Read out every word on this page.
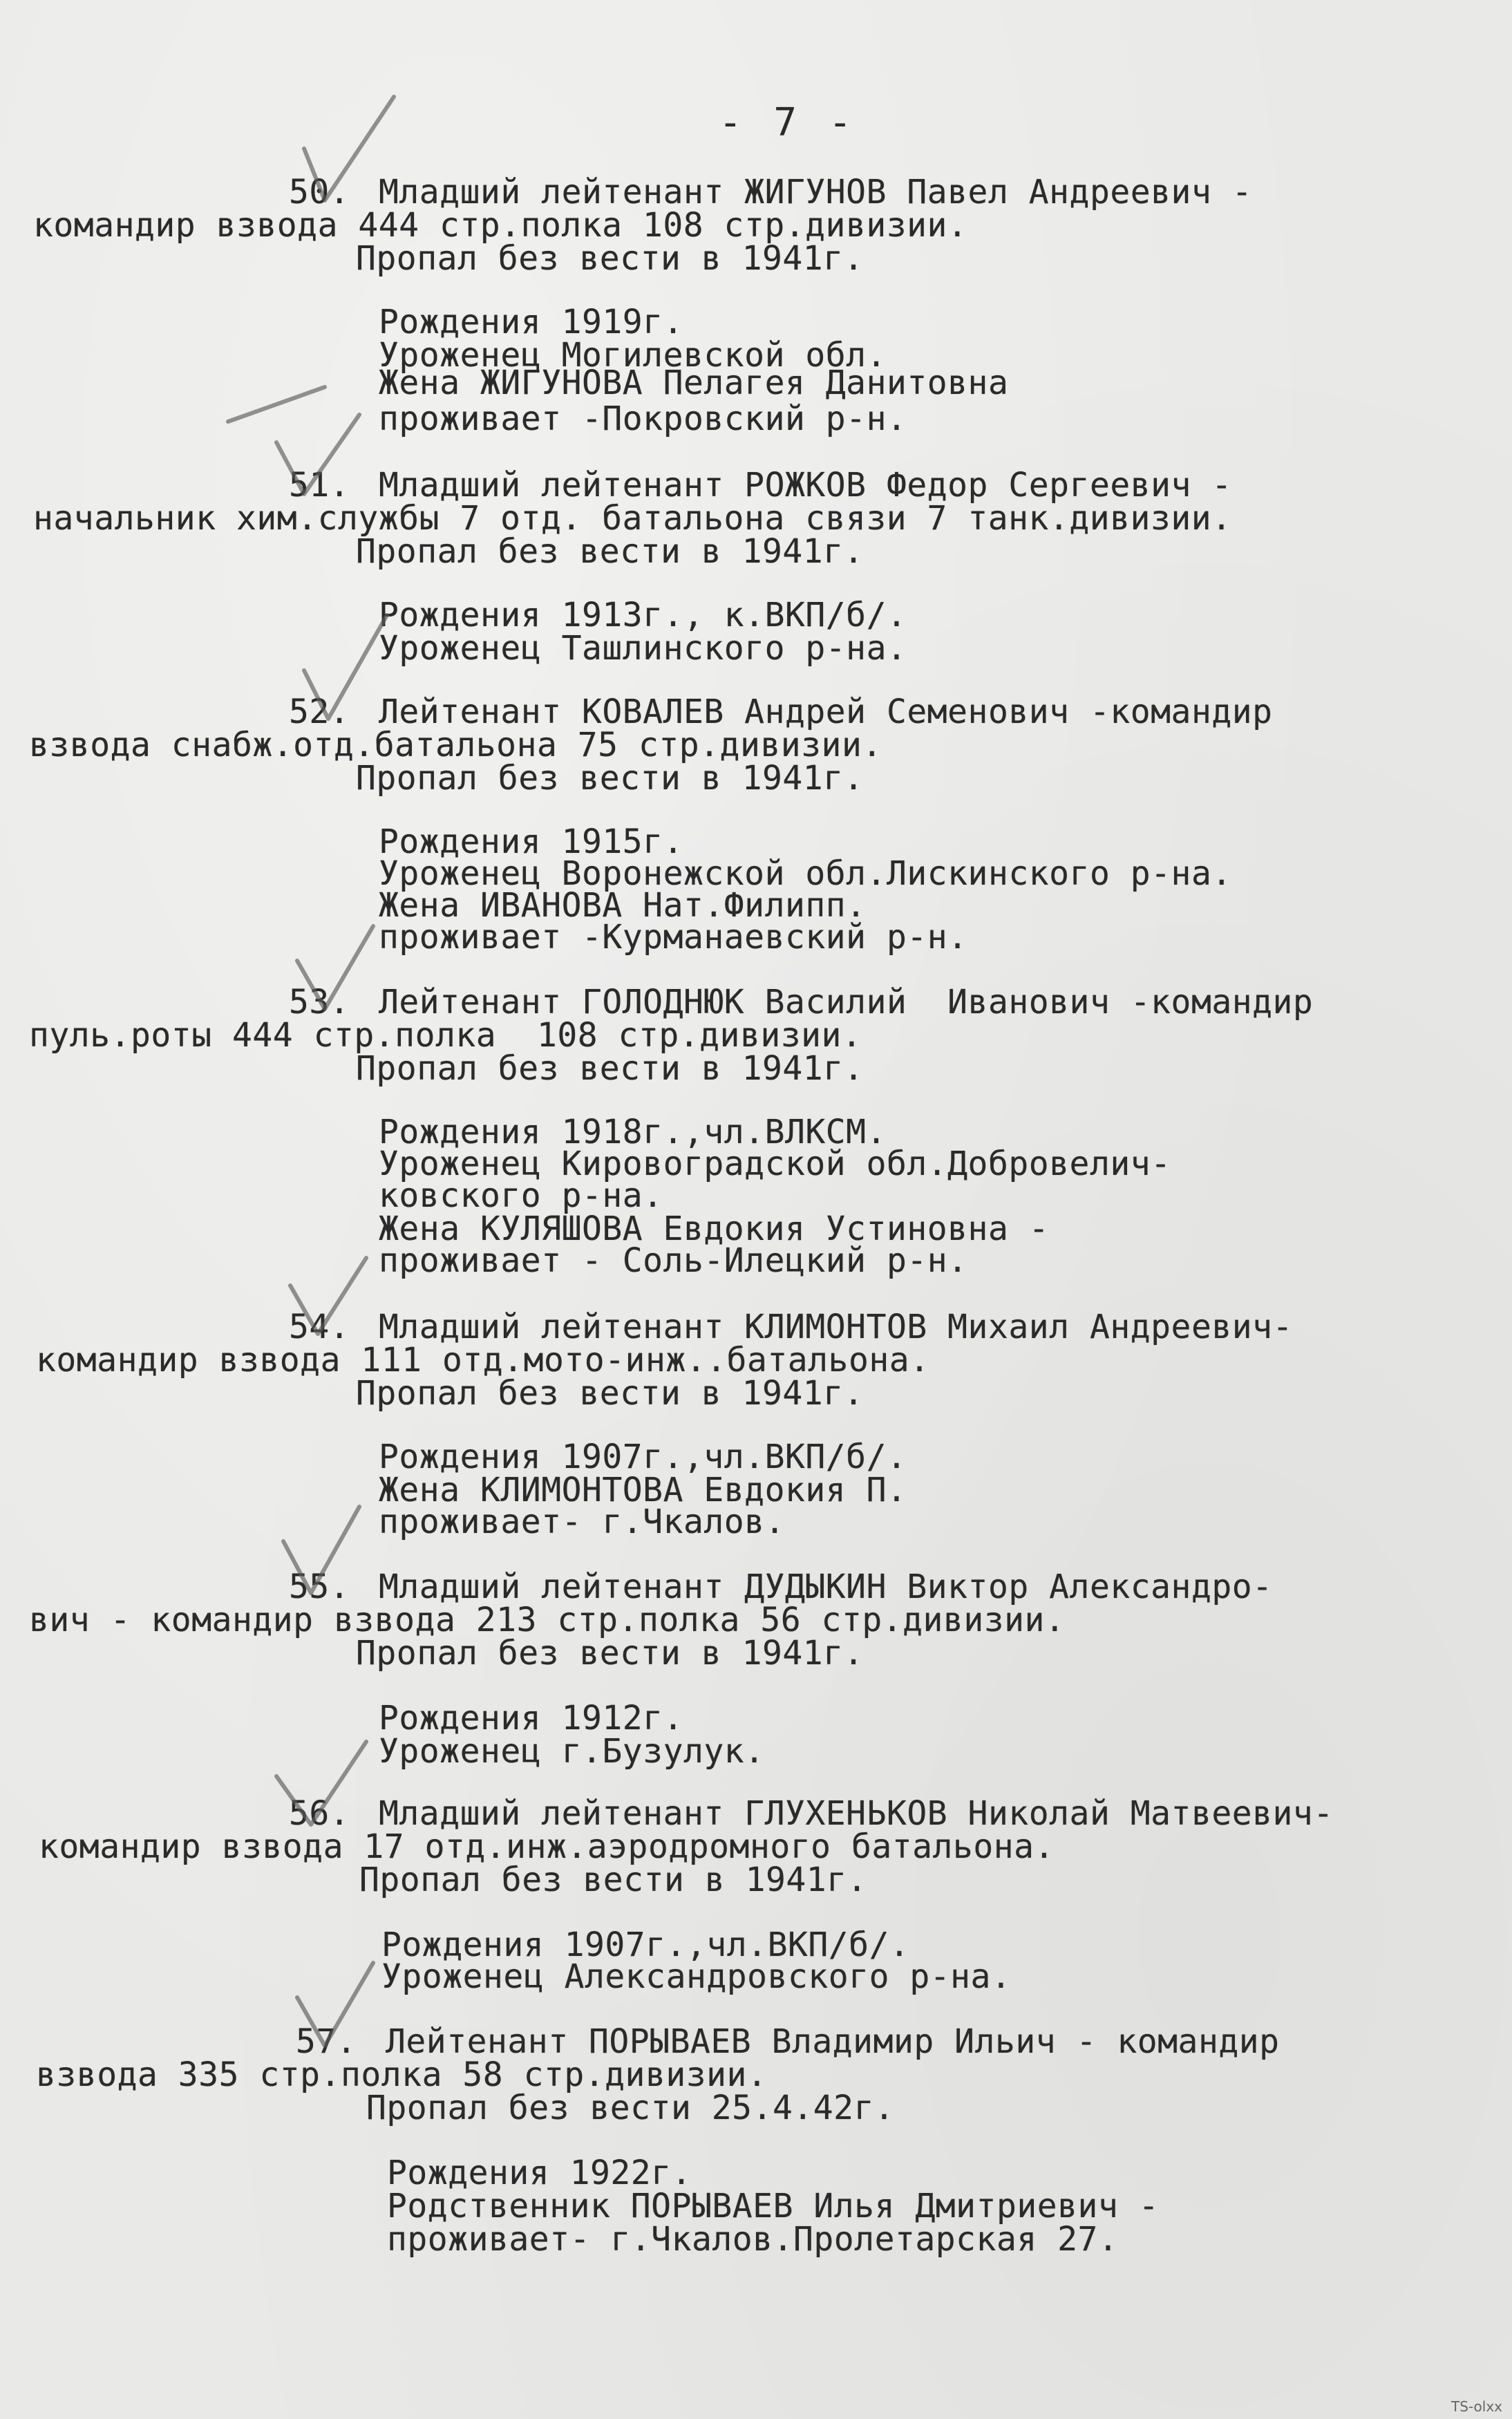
- 7 -
50. Младший лейтенант ЖИГУНОВ Павел Андреевич -
командир взвода 444 стр.полка 108 стр.дивизии.
Пропал без вести в 1941г.
Рождения 1919г.
Уроженец Могилевской обл.
Жена ЖИГУНОВА Пелагея Данитовна
проживает -Покровский р-н.
51. Младший лейтенант РОЖКОВ Федор Сергеевич -
начальник хим.службы 7 отд. батальона связи 7 танк.дивизии.
Пропал без вести в 1941г.
Рождения 1913г., к.ВКП/б/.
Уроженец Ташлинского р-на.
52. Лейтенант КОВАЛЕВ Андрей Семенович -командир
взвода снабж.отд.батальона 75 стр.дивизии.
Пропал без вести в 1941г.
Рождения 1915г.
Уроженец Воронежской обл.Лискинского р-на.
Жена ИВАНОВА Нат.Филипп.
проживает -Курманаевский р-н.
53. Лейтенант ГОЛОДНЮК Василий  Иванович -командир
пуль.роты 444 стр.полка  108 стр.дивизии.
Пропал без вести в 1941г.
Рождения 1918г.,чл.ВЛКСМ.
Уроженец Кировоградской обл.Добровелич-
ковского р-на.
Жена КУЛЯШОВА Евдокия Устиновна -
проживает - Соль-Илецкий р-н.
54. Младший лейтенант КЛИМОНТОВ Михаил Андреевич-
командир взвода 111 отд.мото-инж..батальона.
Пропал без вести в 1941г.
Рождения 1907г.,чл.ВКП/б/.
Жена КЛИМОНТОВА Евдокия П.
проживает- г.Чкалов.
55. Младший лейтенант ДУДЫКИН Виктор Александро-
вич - командир взвода 213 стр.полка 56 стр.дивизии.
Пропал без вести в 1941г.
Рождения 1912г.
Уроженец г.Бузулук.
56. Младший лейтенант ГЛУХЕНЬКОВ Николай Матвеевич-
командир взвода 17 отд.инж.аэродромного батальона.
Пропал без вести в 1941г.
Рождения 1907г.,чл.ВКП/б/.
Уроженец Александровского р-на.
57. Лейтенант ПОРЫВАЕВ Владимир Ильич - командир
взвода 335 стр.полка 58 стр.дивизии.
Пропал без вести 25.4.42г.
Рождения 1922г.
Родственник ПОРЫВАЕВ Илья Дмитриевич -
проживает- г.Чкалов.Пролетарская 27.
TS-olxx
